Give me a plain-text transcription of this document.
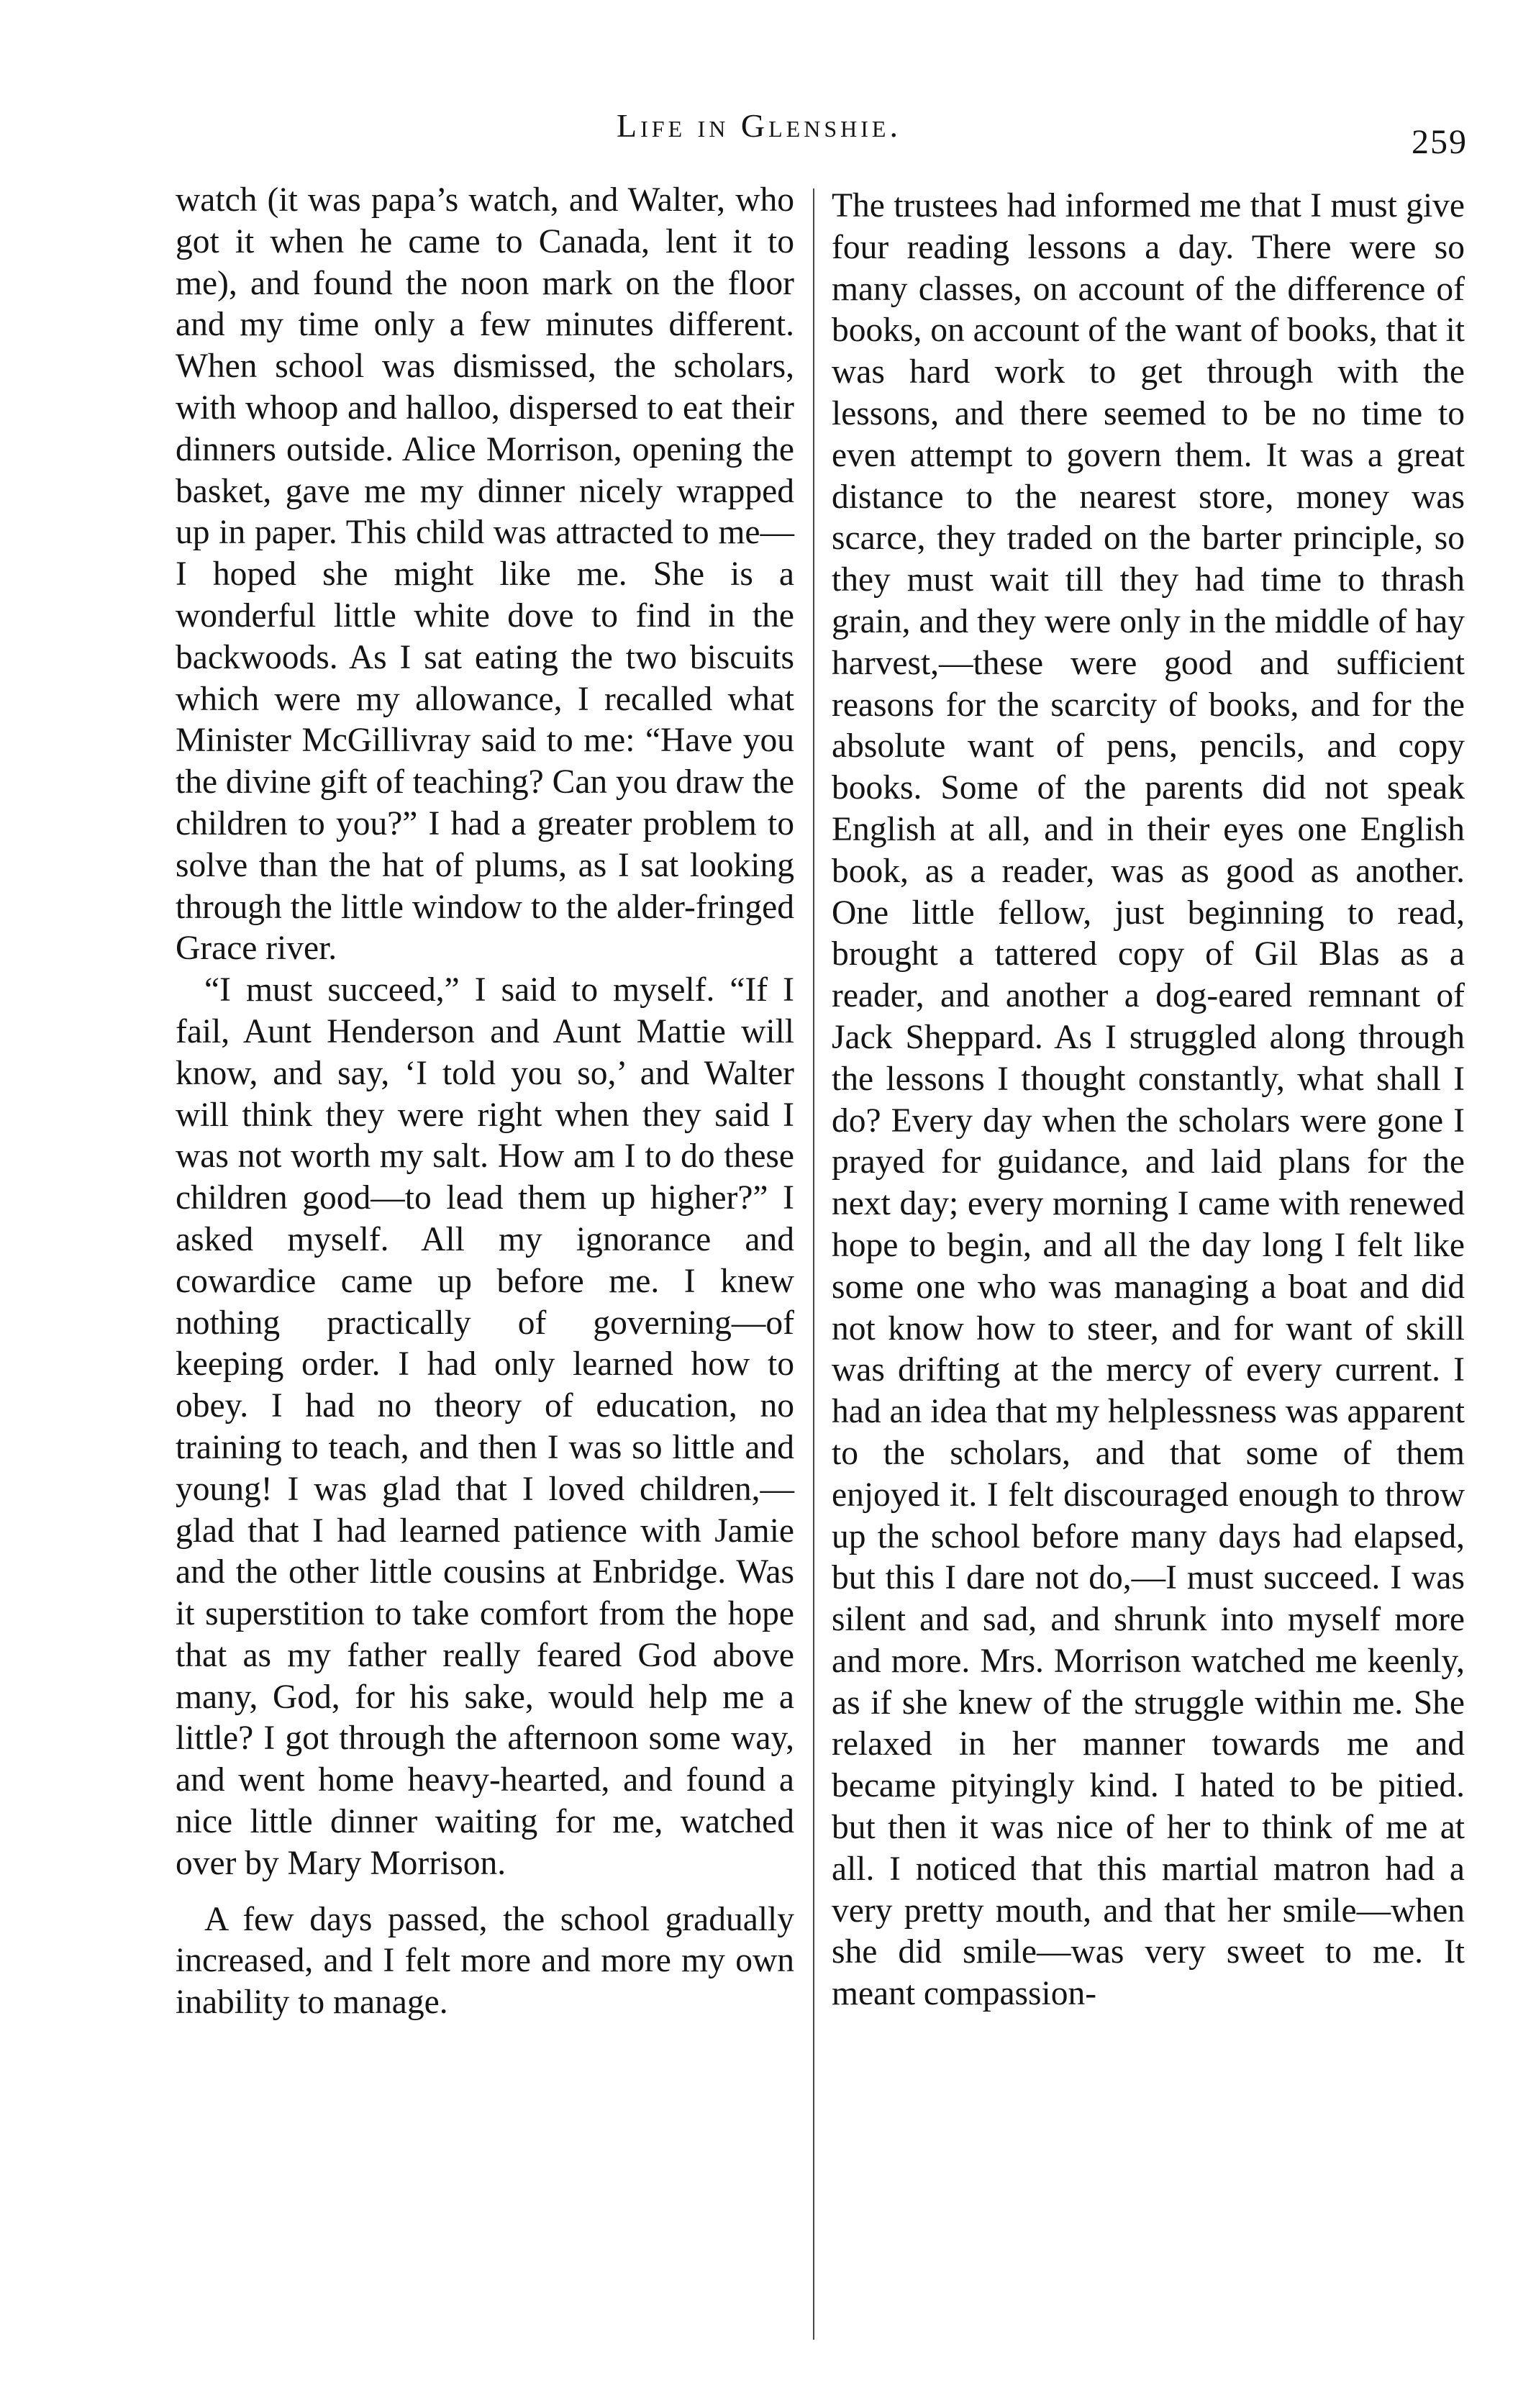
Life in Glenshie.	259

watch (it was papa’s watch, and Walter, who got it when he came to Canada, lent it to me), and found the noon mark on the floor and my time only a few minutes different. When school was dismissed, the scholars, with whoop and halloo, dispersed to eat their dinners outside. Alice Morrison, opening the basket, gave me my dinner nicely wrapped up in paper. This child was attracted to me—I hoped she might like me. She is a wonderful little white dove to find in the backwoods. As I sat eating the two biscuits which were my allowance, I recalled what Minister McGillivray said to me: “Have you the divine gift of teaching? Can you draw the children to you?” I had a greater problem to solve than the hat of plums, as I sat looking through the little window to the alder-fringed Grace river.

“I must succeed,” I said to myself. “If I fail, Aunt Henderson and Aunt Mattie will know, and say, ‘I told you so,’ and Walter will think they were right when they said I was not worth my salt. How am I to do these children good—to lead them up higher?” I asked myself. All my ignorance and cowardice came up before me. I knew nothing practically of governing—of keeping order. I had only learned how to obey. I had no theory of education, no training to teach, and then I was so little and young! I was glad that I loved children,—glad that I had learned patience with Jamie and the other little cousins at Enbridge. Was it superstition to take comfort from the hope that as my father really feared God above many, God, for his sake, would help me a little? I got through the afternoon some way, and went home heavy-hearted, and found a nice little dinner waiting for me, watched over by Mary Morrison.

A few days passed, the school gradually increased, and I felt more and more my own inability to manage.

The trustees had informed me that I must give four reading lessons a day. There were so many classes, on account of the difference of books, on account of the want of books, that it was hard work to get through with the lessons, and there seemed to be no time to even attempt to govern them. It was a great distance to the nearest store, money was scarce, they traded on the barter principle, so they must wait till they had time to thrash grain, and they were only in the middle of hay harvest,—these were good and sufficient reasons for the scarcity of books, and for the absolute want of pens, pencils, and copy books. Some of the parents did not speak English at all, and in their eyes one English book, as a reader, was as good as another. One little fellow, just beginning to read, brought a tattered copy of Gil Blas as a reader, and another a dog-eared remnant of Jack Sheppard. As I struggled along through the lessons I thought constantly, what shall I do? Every day when the scholars were gone I prayed for guidance, and laid plans for the next day; every morning I came with renewed hope to begin, and all the day long I felt like some one who was managing a boat and did not know how to steer, and for want of skill was drifting at the mercy of every current. I had an idea that my helplessness was apparent to the scholars, and that some of them enjoyed it. I felt discouraged enough to throw up the school before many days had elapsed, but this I dare not do,—I must succeed. I was silent and sad, and shrunk into myself more and more. Mrs. Morrison watched me keenly, as if she knew of the struggle within me. She relaxed in her manner towards me and became pityingly kind. I hated to be pitied. but then it was nice of her to think of me at all. I noticed that this martial matron had a very pretty mouth, and that her smile—when she did smile—was very sweet to me. It meant compassion-
